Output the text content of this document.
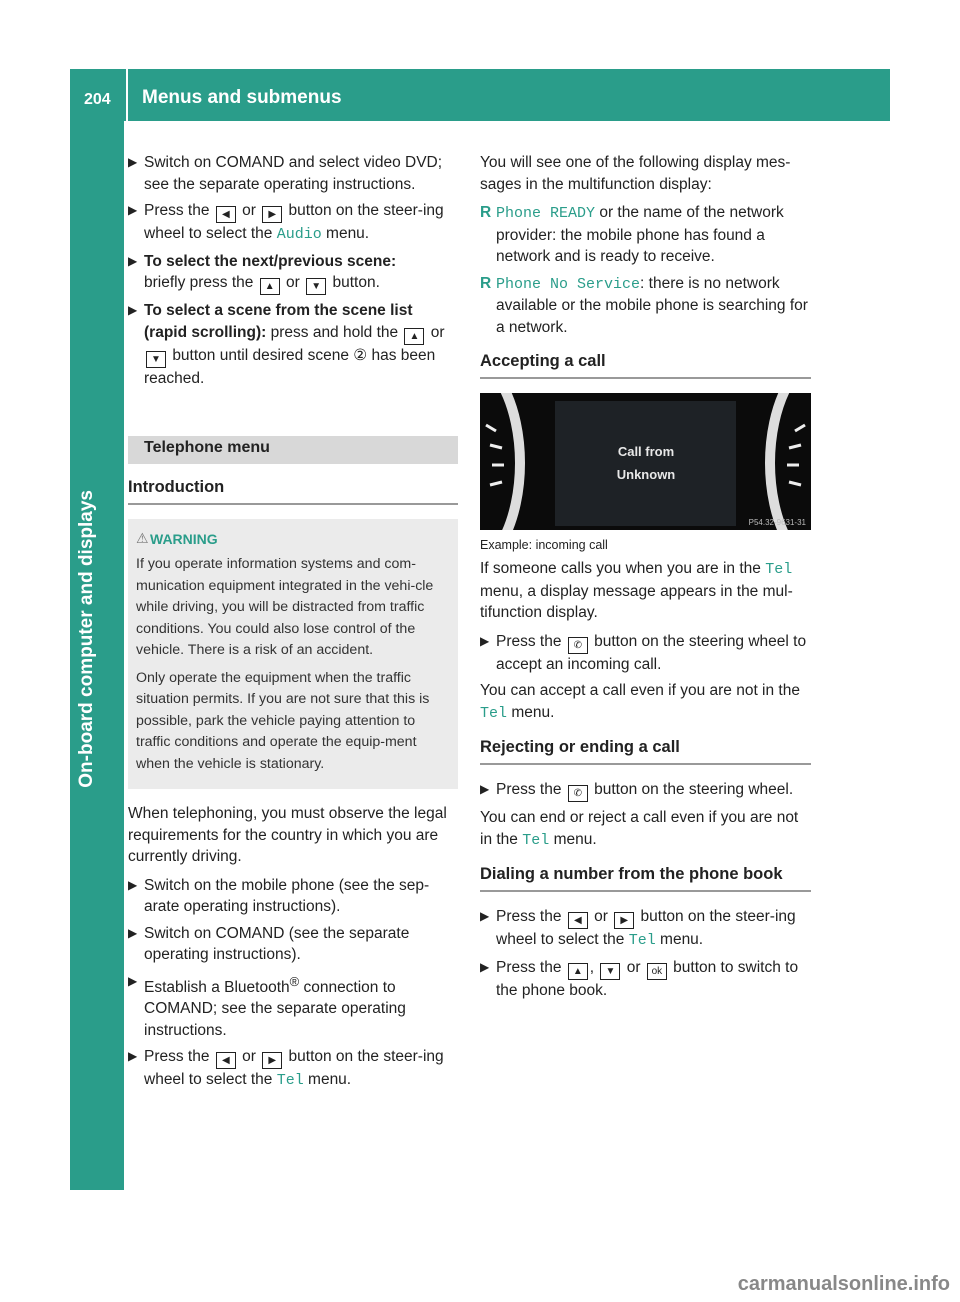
204 Menus and submenus
On-board computer and displays
▶ Switch on COMAND and select video DVD; see the separate operating instructions.
▶ Press the ◀ or ▶ button on the steer-ing wheel to select the Audio menu.
▶ To select the next/previous scene:
briefly press the ▲ or ▼ button.
▶ To select a scene from the scene list
(rapid scrolling): press and hold the ▲ or ▼ button until desired scene ② has been reached.
Telephone menu
Introduction
⚠ WARNING

If you operate information systems and com-munication equipment integrated in the vehi-cle while driving, you will be distracted from traffic conditions. You could also lose control of the vehicle. There is a risk of an accident.

Only operate the equipment when the traffic situation permits. If you are not sure that this is possible, park the vehicle paying attention to traffic conditions and operate the equip-ment when the vehicle is stationary.

When telephoning, you must observe the legal requirements for the country in which you are currently driving.

▶ Switch on the mobile phone (see the sep-arate operating instructions).
▶ Switch on COMAND (see the separate operating instructions).
▶ Establish a Bluetooth® connection to COMAND; see the separate operating instructions.
▶ Press the ◀ or ▶ button on the steer-ing wheel to select the Tel menu.

You will see one of the following display mes-sages in the multifunction display:

R Phone READY or the name of the network provider: the mobile phone has found a network and is ready to receive.
R Phone No Service: there is no network available or the mobile phone is searching for a network.
Accepting a call
Call from
Unknown
P54.32-9631-31
Example: incoming call

If someone calls you when you are in the Tel menu, a display message appears in the mul-tifunction display.

▶ Press the ✆ button on the steering wheel to accept an incoming call.

You can accept a call even if you are not in the Tel menu.

Rejecting or ending a call
▶ Press the ✆ button on the steering wheel.

You can end or reject a call even if you are not in the Tel menu.

Dialing a number from the phone book
▶ Press the ◀ or ▶ button on the steer-ing wheel to select the Tel menu.
▶ Press the ▲ , ▼ or ok button to switch to the phone book.
carmanualsonline.info
